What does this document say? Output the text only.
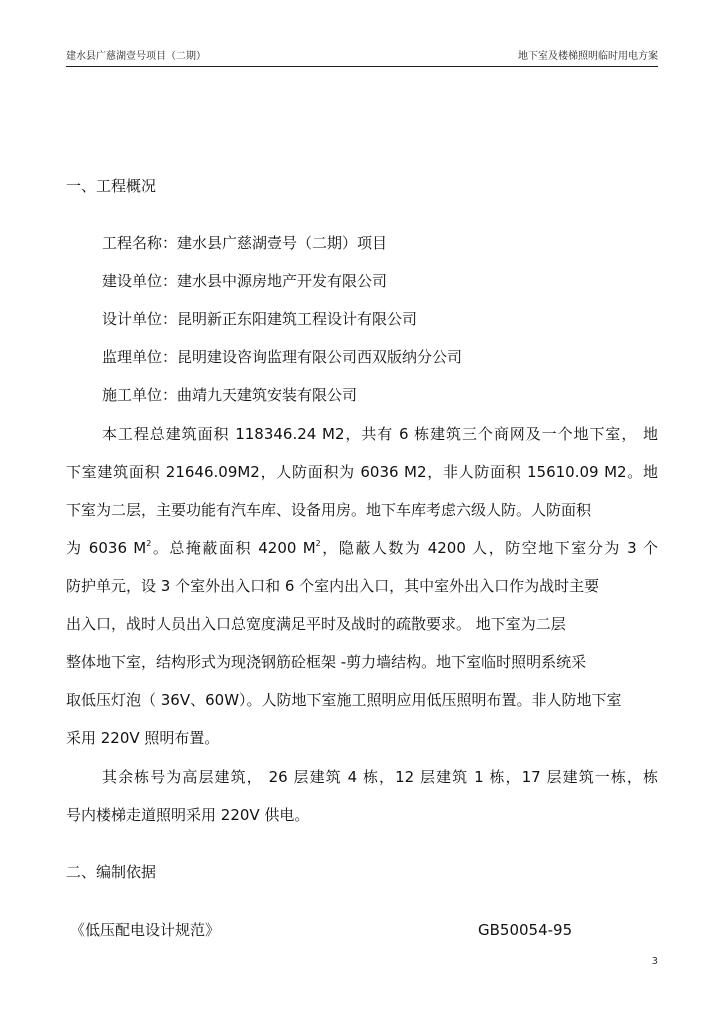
建水县广慈湖壹号项目（二期）	地下室及楼梯照明临时用电方案
一、工程概况
工程名称：建水县广慈湖壹号（二期）项目
建设单位：建水县中源房地产开发有限公司
设计单位：昆明新正东阳建筑工程设计有限公司
监理单位：昆明建设咨询监理有限公司西双版纳分公司
施工单位：曲靖九天建筑安装有限公司
本工程总建筑面积 118346.24 M2，共有 6 栋建筑三个商网及一个地下室， 地
下室建筑面积 21646.09M2，人防面积为 6036 M2，非人防面积 15610.09 M2。地
下室为二层，主要功能有汽车库、设备用房。地下车库考虑六级人防。人防面积
为 6036 $M^2$。总掩蔽面积 4200 $M^2$，隐蔽人数为 4200 人，防空地下室分为 3 个
防护单元，设 3 个室外出入口和 6 个室内出入口，其中室外出入口作为战时主要
出入口，战时人员出入口总宽度满足平时及战时的疏散要求。 地下室为二层
整体地下室，结构形式为现浇钢筋砼框架 -剪力墙结构。地下室临时照明系统采
取低压灯泡（ 36V、60W）。人防地下室施工照明应用低压照明布置。非人防地下室
采用 220V 照明布置。
其余栋号为高层建筑， 26 层建筑 4 栋，12 层建筑 1 栋，17 层建筑一栋，栋
号内楼梯走道照明采用 220V 供电。
二、编制依据
《低压配电设计规范》	GB50054-95
3
